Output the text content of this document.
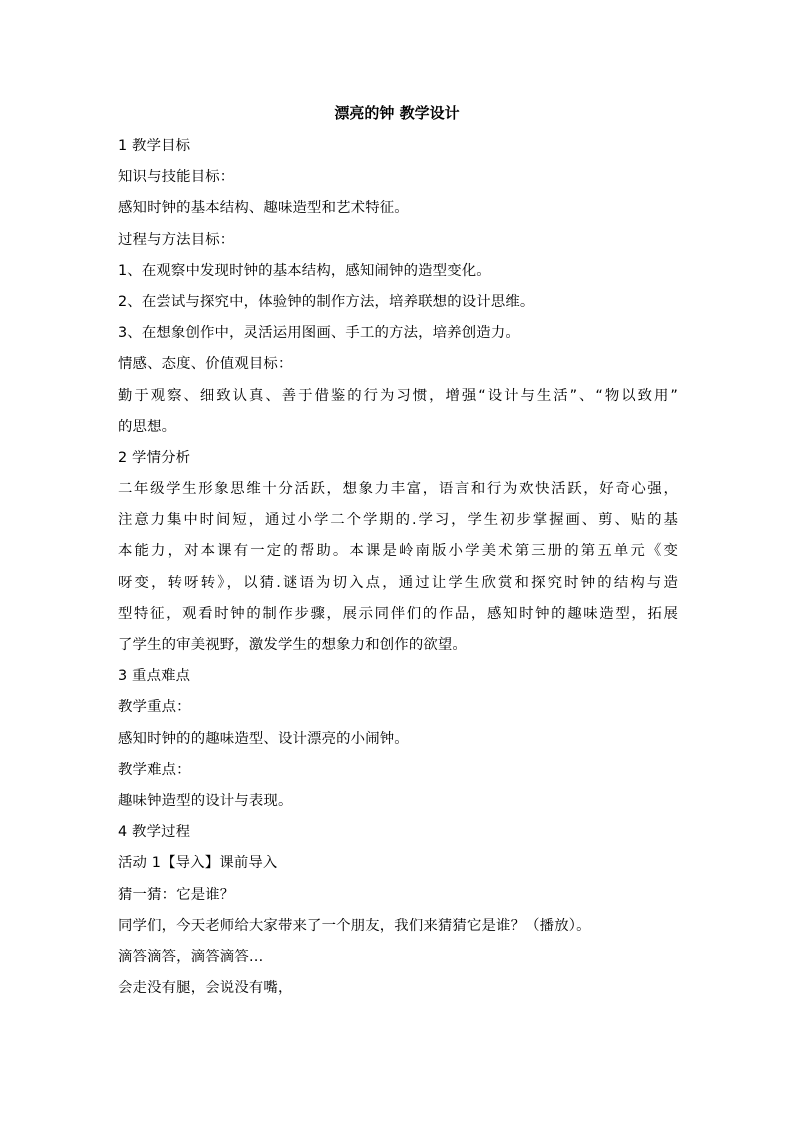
漂亮的钟 教学设计
1 教学目标
知识与技能目标：
感知时钟的基本结构、趣味造型和艺术特征。
过程与方法目标：
1、在观察中发现时钟的基本结构，感知闹钟的造型变化。
2、在尝试与探究中，体验钟的制作方法，培养联想的设计思维。
3、在想象创作中，灵活运用图画、手工的方法，培养创造力。
情感、态度、价值观目标：
勤于观察、细致认真、善于借鉴的行为习惯，增强“设计与生活”、“物以致用”
的思想。
2 学情分析
二年级学生形象思维十分活跃，想象力丰富，语言和行为欢快活跃，好奇心强，
注意力集中时间短，通过小学二个学期的.学习，学生初步掌握画、剪、贴的基
本能力，对本课有一定的帮助。本课是岭南版小学美术第三册的第五单元《变
呀变，转呀转》，以猜.谜语为切入点，通过让学生欣赏和探究时钟的结构与造
型特征，观看时钟的制作步骤，展示同伴们的作品，感知时钟的趣味造型，拓展
了学生的审美视野，激发学生的想象力和创作的欲望。
3 重点难点
教学重点：
感知时钟的的趣味造型、设计漂亮的小闹钟。
教学难点：
趣味钟造型的设计与表现。
4 教学过程
活动 1【导入】课前导入
猜一猜：它是谁？
同学们，今天老师给大家带来了一个朋友，我们来猜猜它是谁？（播放）。
滴答滴答，滴答滴答…
会走没有腿，会说没有嘴，
